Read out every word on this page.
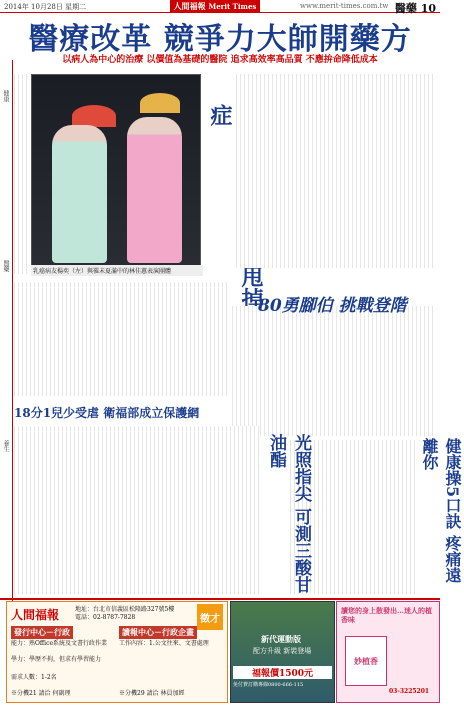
2014年 10月28日 星期二	www.merit-times.com.tw
人間福報 Merit Times	醫藥 10
醫療改革 競爭力大師開藥方
以病人為中心的治療 以價值為基礎的醫院 追求高效率高品質 不應拚命降低成本
健康
醫藥
養生
乳癌病友楊奕（左）與罹未夏滿中的林佳蕙表演團體	甩掉 症
80勇腳伯 挑戰登階
健康操5口訣 疼痛遠離你
光照指尖 可測三酸甘油酯
18分1兒少受虐 衛福部成立保護網
人間福報	徵才
地址：台北市信義區松隆路327號5樓
電話：02-8787-7828
發行中心－行政	讀報中心－行政企畫
能力：熟Office系統及文書行政作業
學力：學歷不拘，但求有學習能力
工作內容：1.公文往來、文書處理
需求人數：1-2名
※分機21 請洽 何副理	※分機29 請洽 林員加經
新代運動版
配方升級 新裝登場
福報價1500元
免付費訂購專線0800-666-115
讀您的身上散發出…迷人的植香味
妙植香
03-3225201
